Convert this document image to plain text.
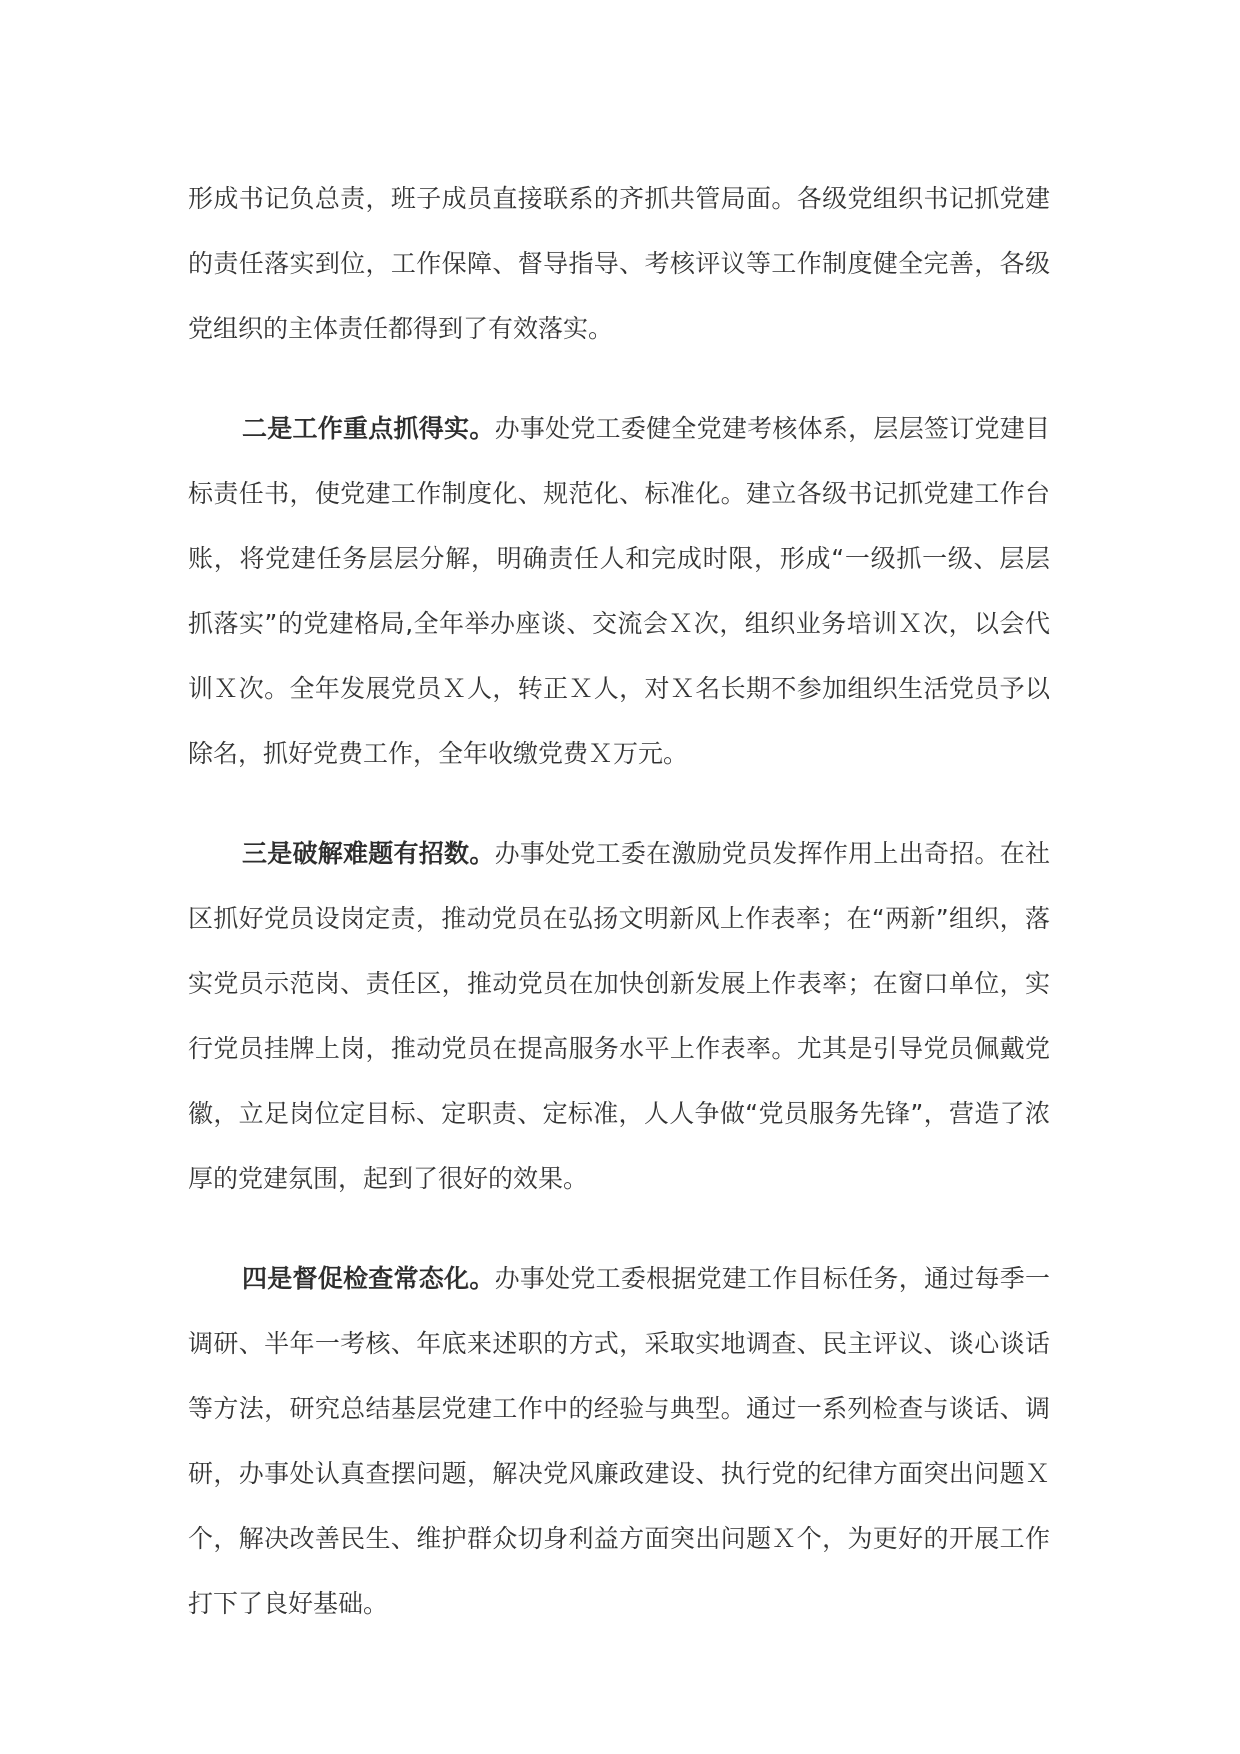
形成书记负总责，班子成员直接联系的齐抓共管局面。各级党组织书记抓党建的责任落实到位，工作保障、督导指导、考核评议等工作制度健全完善，各级党组织的主体责任都得到了有效落实。

二是工作重点抓得实。办事处党工委健全党建考核体系，层层签订党建目标责任书，使党建工作制度化、规范化、标准化。建立各级书记抓党建工作台账，将党建任务层层分解，明确责任人和完成时限，形成“一级抓一级、层层抓落实”的党建格局,全年举办座谈、交流会Ｘ次，组织业务培训Ｘ次，以会代训Ｘ次。全年发展党员Ｘ人，转正Ｘ人，对Ｘ名长期不参加组织生活党员予以除名，抓好党费工作，全年收缴党费Ｘ万元。

三是破解难题有招数。办事处党工委在激励党员发挥作用上出奇招。在社区抓好党员设岗定责，推动党员在弘扬文明新风上作表率；在“两新”组织，落实党员示范岗、责任区，推动党员在加快创新发展上作表率；在窗口单位，实行党员挂牌上岗，推动党员在提高服务水平上作表率。尤其是引导党员佩戴党徽，立足岗位定目标、定职责、定标准，人人争做“党员服务先锋”，营造了浓厚的党建氛围，起到了很好的效果。

四是督促检查常态化。办事处党工委根据党建工作目标任务，通过每季一调研、半年一考核、年底来述职的方式，采取实地调查、民主评议、谈心谈话等方法，研究总结基层党建工作中的经验与典型。通过一系列检查与谈话、调研，办事处认真查摆问题，解决党风廉政建设、执行党的纪律方面突出问题Ｘ个，解决改善民生、维护群众切身利益方面突出问题Ｘ个，为更好的开展工作打下了良好基础。
